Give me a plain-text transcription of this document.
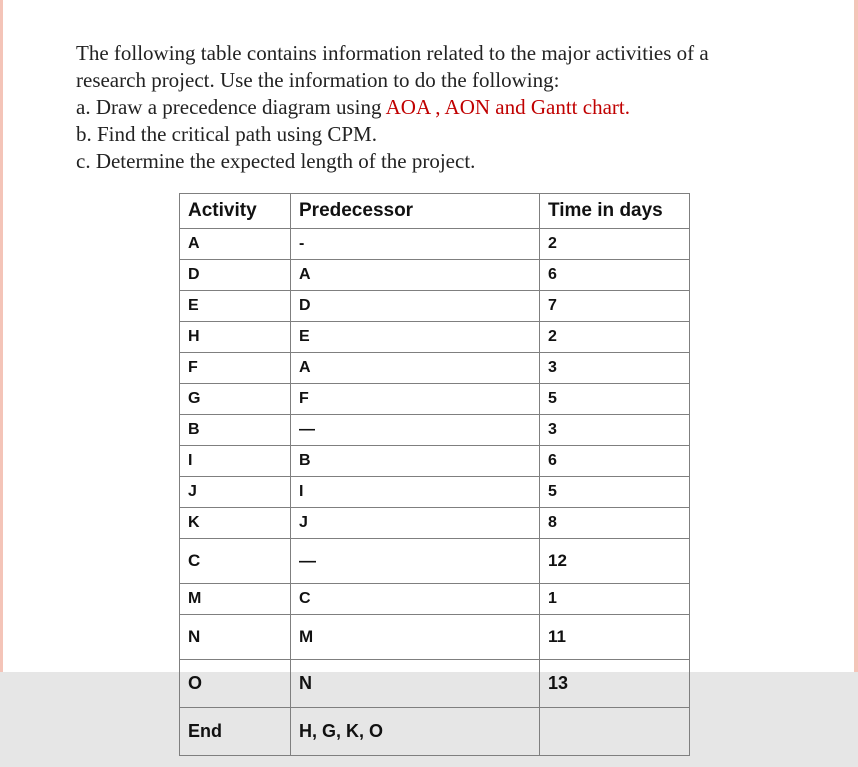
The following table contains information related to the major activities of a
research project. Use the information to do the following:
a. Draw a precedence diagram using AOA , AON and Gantt chart.
b. Find the critical path using CPM.
c. Determine the expected length of the project.
Activity	Predecessor	Time in days
A	-	2
D	A	6
E	D	7
H	E	2
F	A	3
G	F	5
B	—	3
I	B	6
J	I	5
K	J	8
C	—	12
M	C	1
N	M	11
O	N	13
End	H, G, K, O	
